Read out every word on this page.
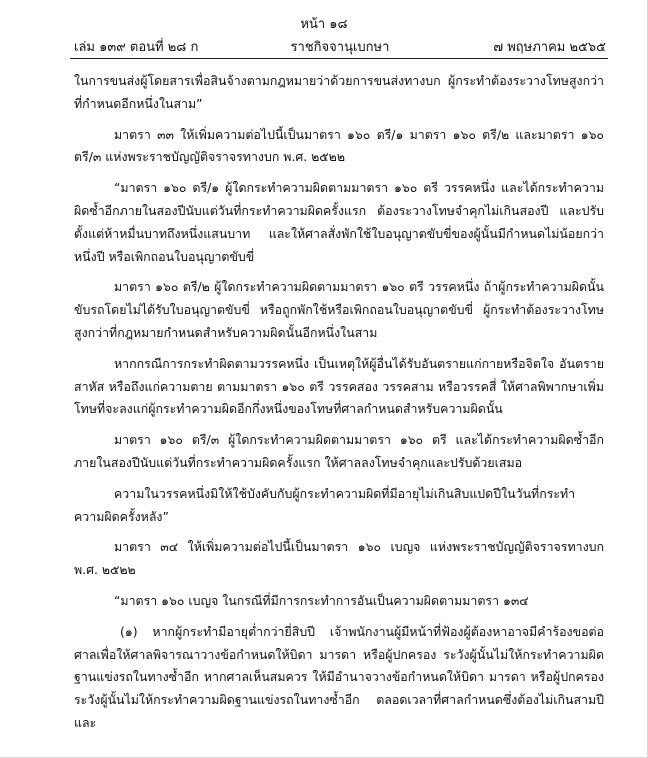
หน้า ๑๘
ราชกิจจานุเบกษา
เล่ม ๑๓๙ ตอนที่ ๒๘ ก	๗ พฤษภาคม ๒๕๖๕

ในการขนส่งผู้โดยสารเพื่อสินจ้างตามกฎหมายว่าด้วยการขนส่งทางบก ผู้กระทำต้องระวางโทษสูงกว่าที่กำหนดอีกหนึ่งในสาม”

มาตรา ๓๓ ให้เพิ่มความต่อไปนี้เป็นมาตรา ๑๖๐ ตรี/๑ มาตรา ๑๖๐ ตรี/๒ และมาตรา ๑๖๐ ตรี/๓ แห่งพระราชบัญญัติจราจรทางบก พ.ศ. ๒๕๒๒

“มาตรา ๑๖๐ ตรี/๑ ผู้ใดกระทำความผิดตามมาตรา ๑๖๐ ตรี วรรคหนึ่ง และได้กระทำความผิดซ้ำอีกภายในสองปีนับแต่วันที่กระทำความผิดครั้งแรก ต้องระวางโทษจำคุกไม่เกินสองปี และปรับตั้งแต่ห้าหมื่นบาทถึงหนึ่งแสนบาท และให้ศาลสั่งพักใช้ใบอนุญาตขับขี่ของผู้นั้นมีกำหนดไม่น้อยกว่าหนึ่งปี หรือเพิกถอนใบอนุญาตขับขี่

มาตรา ๑๖๐ ตรี/๒ ผู้ใดกระทำความผิดตามมาตรา ๑๖๐ ตรี วรรคหนึ่ง ถ้าผู้กระทำความผิดนั้นขับรถโดยไม่ได้รับใบอนุญาตขับขี่ หรือถูกพักใช้หรือเพิกถอนใบอนุญาตขับขี่ ผู้กระทำต้องระวางโทษสูงกว่าที่กฎหมายกำหนดสำหรับความผิดนั้นอีกหนึ่งในสาม

หากกรณีการกระทำผิดตามวรรคหนึ่ง เป็นเหตุให้ผู้อื่นได้รับอันตรายแก่กายหรือจิตใจ อันตรายสาหัส หรือถึงแก่ความตาย ตามมาตรา ๑๖๐ ตรี วรรคสอง วรรคสาม หรือวรรคสี่ ให้ศาลพิพากษาเพิ่มโทษที่จะลงแก่ผู้กระทำความผิดอีกกึ่งหนึ่งของโทษที่ศาลกำหนดสำหรับความผิดนั้น

มาตรา ๑๖๐ ตรี/๓ ผู้ใดกระทำความผิดตามมาตรา ๑๖๐ ตรี และได้กระทำความผิดซ้ำอีกภายในสองปีนับแต่วันที่กระทำความผิดครั้งแรก ให้ศาลลงโทษจำคุกและปรับด้วยเสมอ

ความในวรรคหนึ่งมิให้ใช้บังคับกับผู้กระทำความผิดที่มีอายุไม่เกินสิบแปดปีในวันที่กระทำความผิดครั้งหลัง”

มาตรา ๓๔ ให้เพิ่มความต่อไปนี้เป็นมาตรา ๑๖๐ เบญจ แห่งพระราชบัญญัติจราจรทางบก พ.ศ. ๒๕๒๒

“มาตรา ๑๖๐ เบญจ ในกรณีที่มีการกระทำการอันเป็นความผิดตามมาตรา ๑๓๔

(๑) หากผู้กระทำมีอายุต่ำกว่ายี่สิบปี เจ้าพนักงานผู้มีหน้าที่ฟ้องผู้ต้องหาอาจมีคำร้องขอต่อศาลเพื่อให้ศาลพิจารณาวางข้อกำหนดให้บิดา มารดา หรือผู้ปกครอง ระวังผู้นั้นไม่ให้กระทำความผิดฐานแข่งรถในทางซ้ำอีก หากศาลเห็นสมควร ให้มีอำนาจวางข้อกำหนดให้บิดา มารดา หรือผู้ปกครองระวังผู้นั้นไม่ให้กระทำความผิดฐานแข่งรถในทางซ้ำอีก ตลอดเวลาที่ศาลกำหนดซึ่งต้องไม่เกินสามปีและ
